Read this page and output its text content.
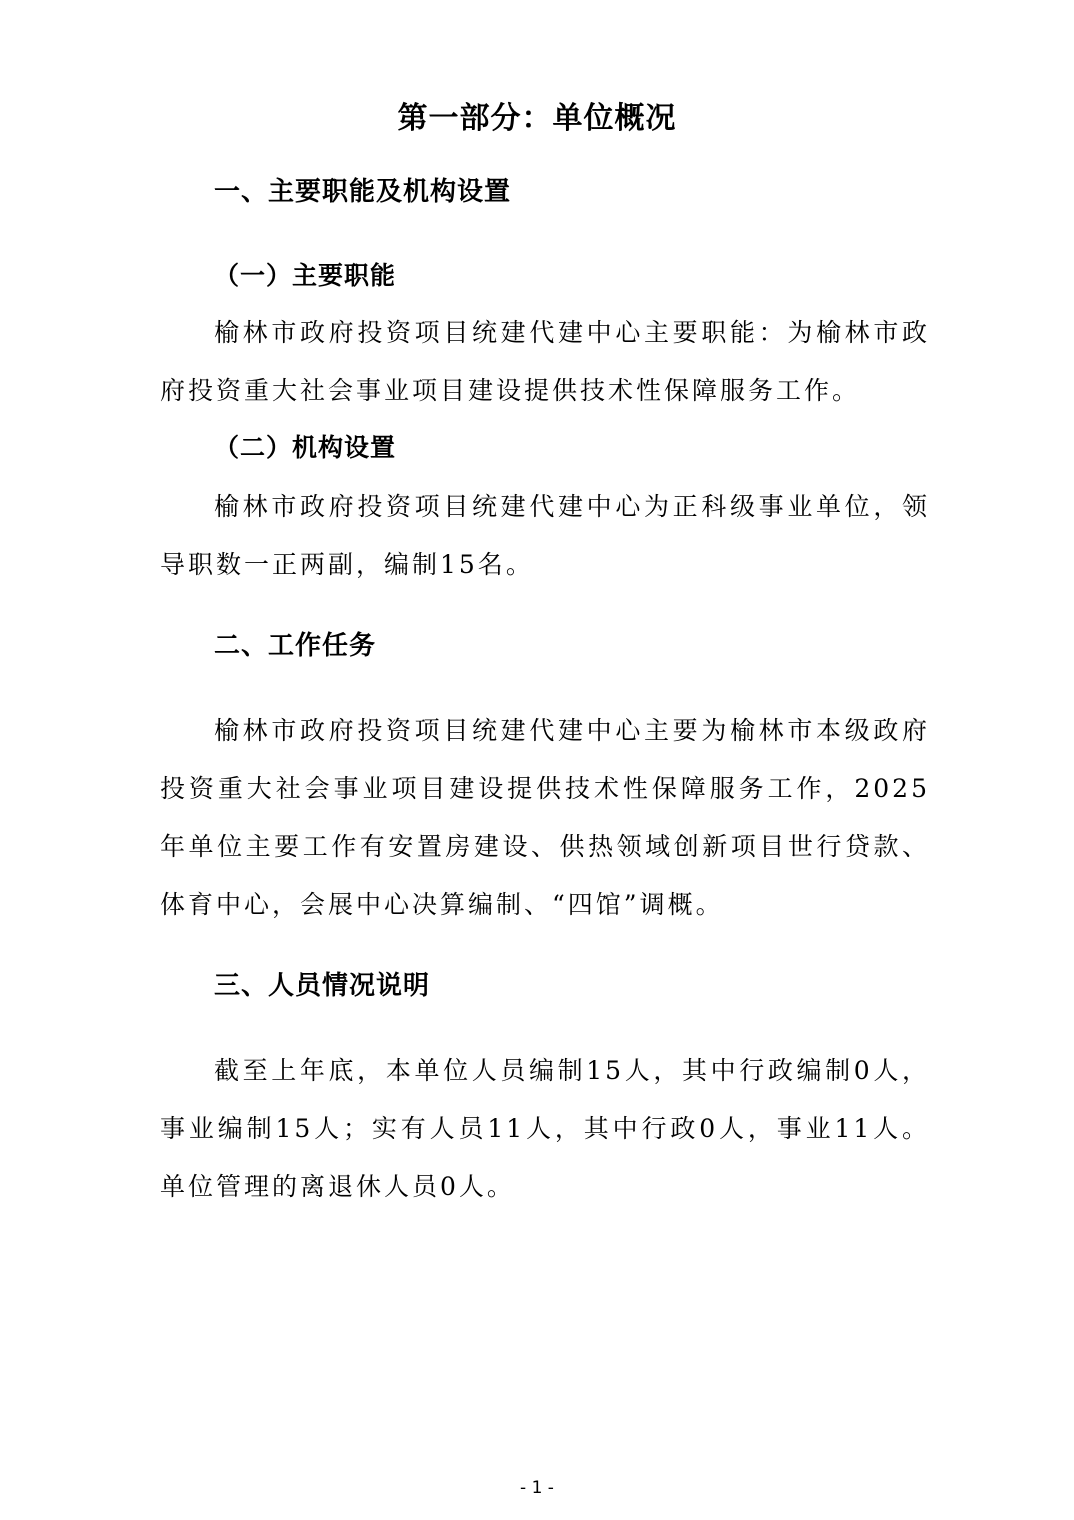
第一部分：单位概况
一、主要职能及机构设置
（一）主要职能

榆林市政府投资项目统建代建中心主要职能：为榆林市政府投资重大社会事业项目建设提供技术性保障服务工作。

（二）机构设置

榆林市政府投资项目统建代建中心为正科级事业单位，领导职数一正两副，编制15名。

二、工作任务

榆林市政府投资项目统建代建中心主要为榆林市本级政府投资重大社会事业项目建设提供技术性保障服务工作，2025年单位主要工作有安置房建设、供热领域创新项目世行贷款、体育中心，会展中心决算编制、“四馆”调概。

三、人员情况说明

截至上年底，本单位人员编制15人，其中行政编制0人，事业编制15人；实有人员11人，其中行政0人，事业11人。单位管理的离退休人员0人。

- 1 -
